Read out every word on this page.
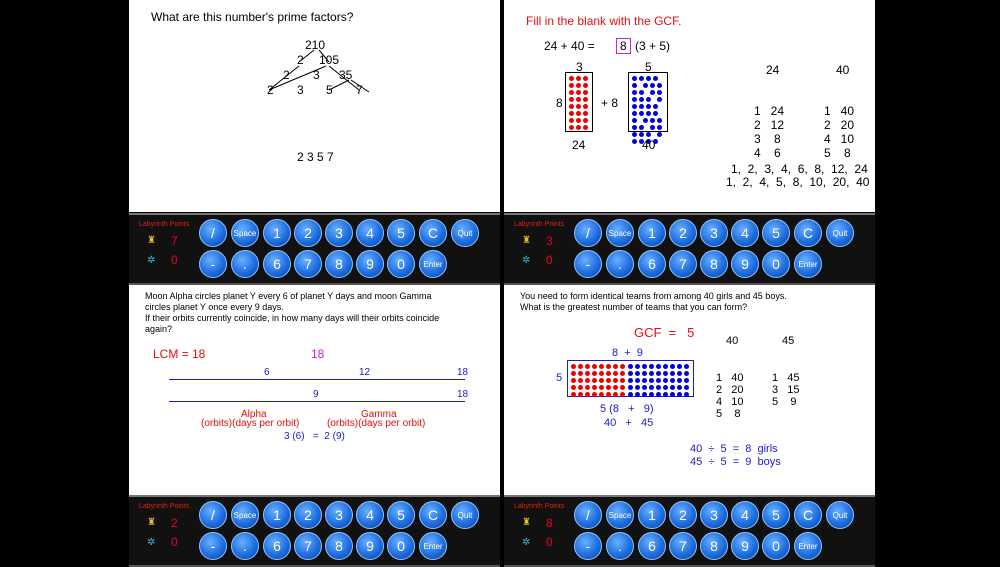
What are this number's prime factors?
210
2 105
2 3 35
2 3 5 7
2 3 5 7
Fill in the blank with the GCF.
24 + 40 =	8 (3 + 5)
3	5
8	+ 8

24	40
24	40

1   24
2   12
3    8
4    6

1   40
2   20
4   10
5    8

1,  2,  3,  4,  6,  8,  12,  24
1,  2,  4,  5,  8,  10,  20,  40
Moon Alpha circles planet Y every 6 of planet Y days and moon Gamma
circles planet Y once every 9 days.
If their orbits currently coincide, in how many days will their orbits coincide
again?
LCM = 18	18
6	12	18
9	18
Alpha	Gamma
(orbits)(days per orbit)	(orbits)(days per orbit)
3 (6)   =  2 (9)
You need to form identical teams from among 40 girls and 45 boys.
What is the greatest number of teams that you can form?
GCF  =   5
40	45

1   40
2   20
4   10
5    8

1   45
3   15
5    9

8  +  9
5

5 (8   +   9)
40   +   45
40  ÷  5  =  8  girls
45  ÷  5  =  9  boys
Labyrinth Points
♜ 7
✲ 0
/	Space	1	2	3	4	5	C	Quit
-	.	6	7	8	9	0	Enter
Labyrinth Points
♜ 3
✲ 0
/	Space	1	2	3	4	5	C	Quit
-	.	6	7	8	9	0	Enter
Labyrinth Points
♜ 2
✲ 0
/	Space	1	2	3	4	5	C	Quit
-	.	6	7	8	9	0	Enter
Labyrinth Points
♜ 8
✲ 0
/	Space	1	2	3	4	5	C	Quit
-	.	6	7	8	9	0	Enter
